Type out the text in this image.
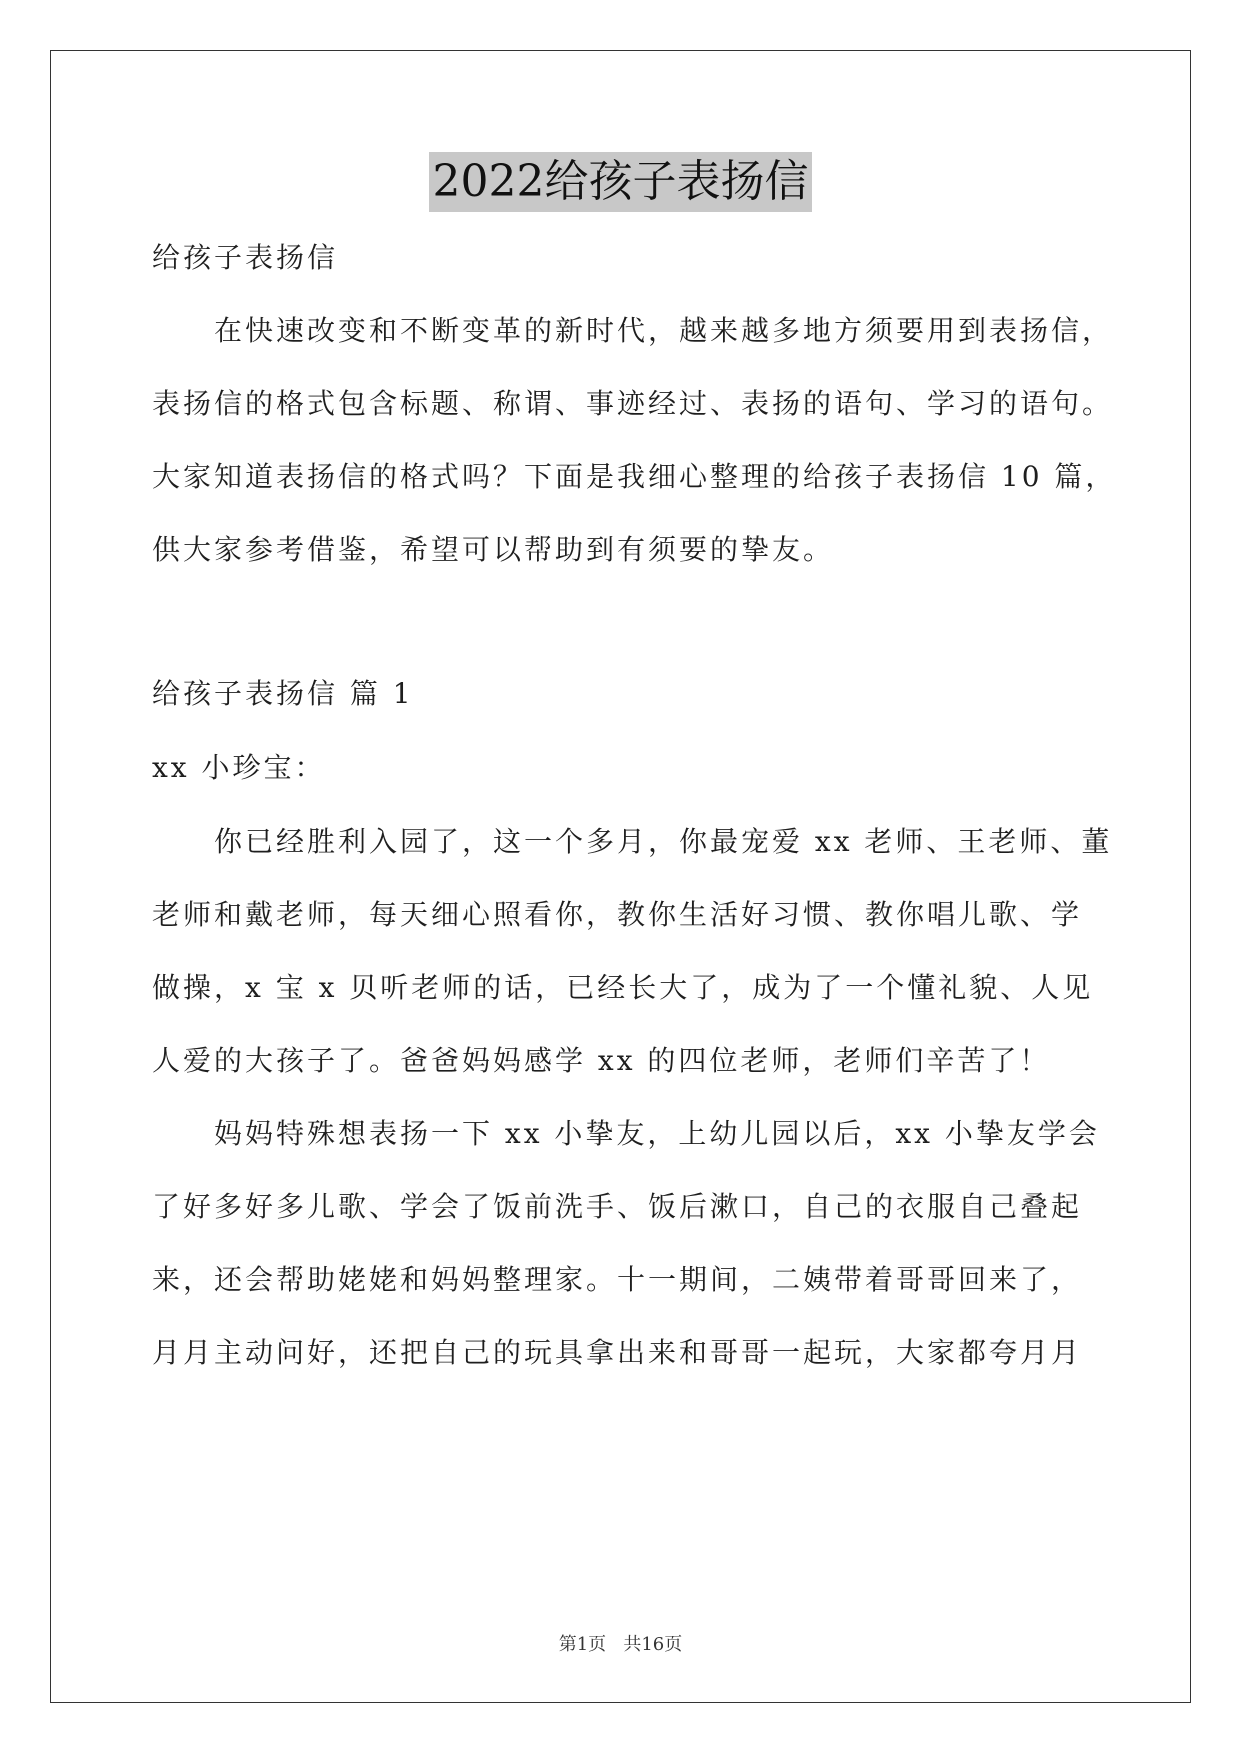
2022给孩子表扬信
给孩子表扬信
在快速改变和不断变革的新时代，越来越多地方须要用到表扬信，
表扬信的格式包含标题、称谓、事迹经过、表扬的语句、学习的语句。
大家知道表扬信的格式吗？下面是我细心整理的给孩子表扬信 10 篇，
供大家参考借鉴，希望可以帮助到有须要的挚友。
给孩子表扬信 篇 1
xx 小珍宝：
你已经胜利入园了，这一个多月，你最宠爱 xx 老师、王老师、董
老师和戴老师，每天细心照看你，教你生活好习惯、教你唱儿歌、学
做操，x 宝 x 贝听老师的话，已经长大了，成为了一个懂礼貌、人见
人爱的大孩子了。爸爸妈妈感学 xx 的四位老师，老师们辛苦了！
妈妈特殊想表扬一下 xx 小挚友，上幼儿园以后，xx 小挚友学会
了好多好多儿歌、学会了饭前洗手、饭后漱口，自己的衣服自己叠起
来，还会帮助姥姥和妈妈整理家。十一期间，二姨带着哥哥回来了，
月月主动问好，还把自己的玩具拿出来和哥哥一起玩，大家都夸月月
第1页   共16页
